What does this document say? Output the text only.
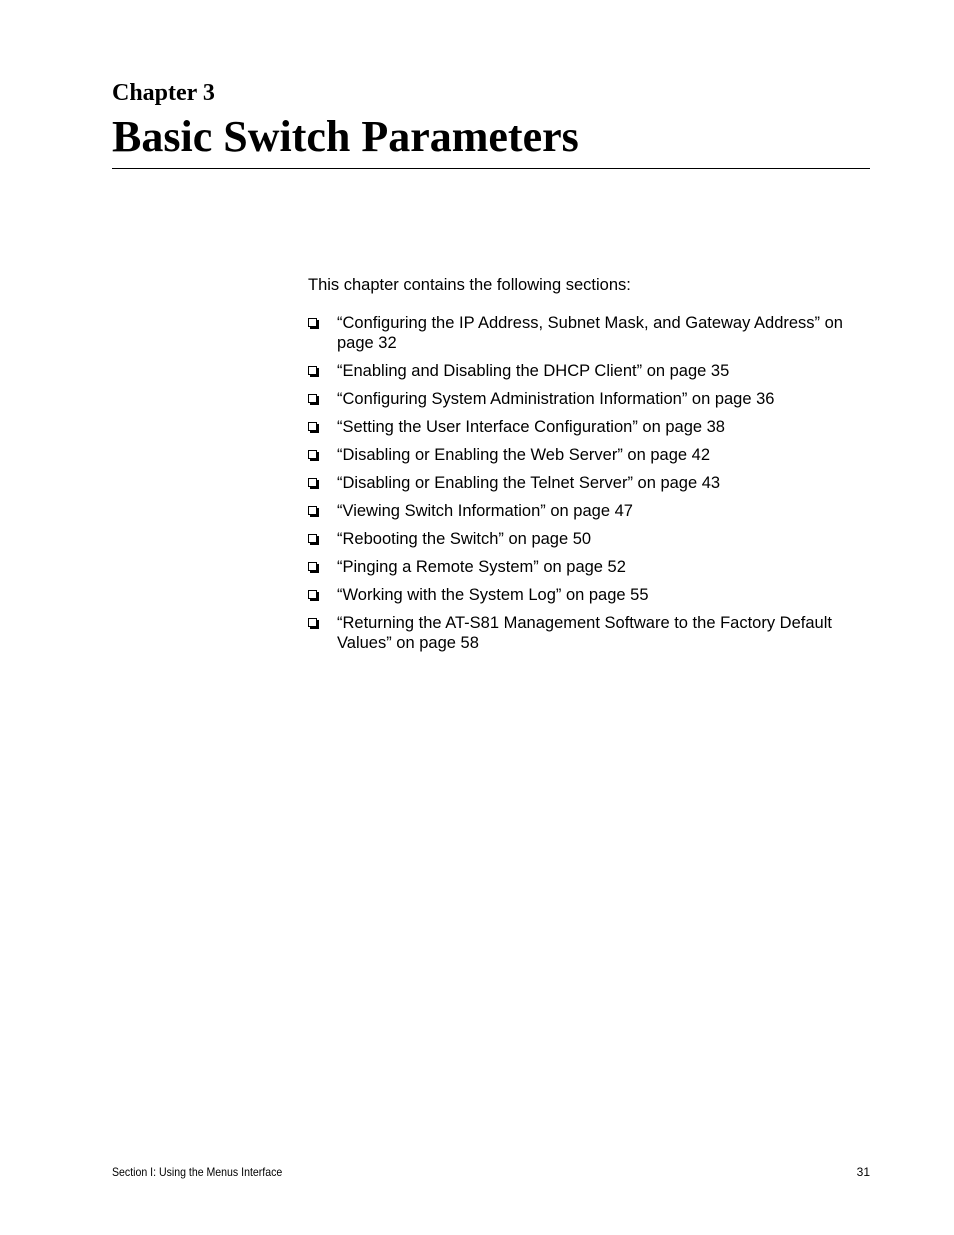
Chapter 3
Basic Switch Parameters

This chapter contains the following sections:

“Configuring the IP Address, Subnet Mask, and Gateway Address” on page 32
“Enabling and Disabling the DHCP Client” on page 35
“Configuring System Administration Information” on page 36
“Setting the User Interface Configuration” on page 38
“Disabling or Enabling the Web Server” on page 42
“Disabling or Enabling the Telnet Server” on page 43
“Viewing Switch Information” on page 47
“Rebooting the Switch” on page 50
“Pinging a Remote System” on page 52
“Working with the System Log” on page 55
“Returning the AT-S81 Management Software to the Factory Default Values” on page 58
Section I: Using the Menus Interface	31
